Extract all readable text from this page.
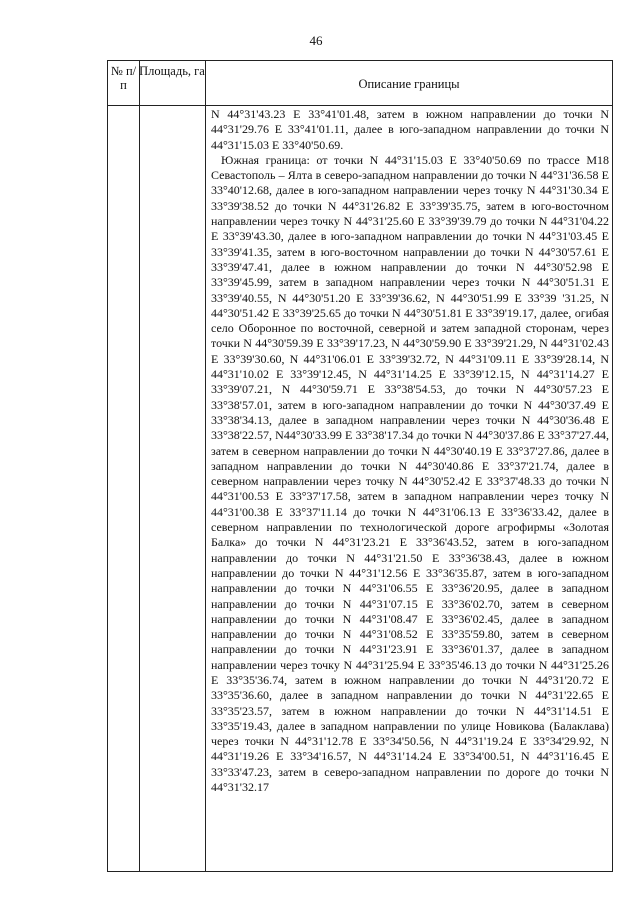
46
№ п/п
Площадь, га
Описание границы

N 44°31'43.23 E 33°41'01.48, затем в южном направлении до точки N 44°31'29.76 E 33°41'01.11, далее в юго-западном направлении до точки N 44°31'15.03 E 33°40'50.69.

Южная граница: от точки N 44°31'15.03 E 33°40'50.69 по трассе М18 Севастополь – Ялта в северо-западном направлении до точки N 44°31'36.58 E 33°40'12.68, далее в юго-западном направлении через точку N 44°31'30.34 E 33°39'38.52 до точки N 44°31'26.82 E 33°39'35.75, затем в юго-восточном направлении через точку N 44°31'25.60 E 33°39'39.79 до точки N 44°31'04.22 E 33°39'43.30, далее в юго-западном направлении до точки N 44°31'03.45 E 33°39'41.35, затем в юго-восточном направлении до точки N 44°30'57.61 E 33°39'47.41, далее в южном направлении до точки N 44°30'52.98 E 33°39'45.99, затем в западном направлении через точки N 44°30'51.31 E 33°39'40.55, N 44°30'51.20 E 33°39'36.62, N 44°30'51.99 E 33°39 '31.25, N 44°30'51.42 E 33°39'25.65 до точки N 44°30'51.81 E 33°39'19.17, далее, огибая село Оборонное по восточной, северной и затем западной сторонам, через точки N 44°30'59.39 E 33°39'17.23, N 44°30'59.90 E 33°39'21.29, N 44°31'02.43 E 33°39'30.60, N 44°31'06.01 E 33°39'32.72, N 44°31'09.11 E 33°39'28.14, N 44°31'10.02 E 33°39'12.45, N 44°31'14.25 E 33°39'12.15, N 44°31'14.27 E 33°39'07.21, N 44°30'59.71 E 33°38'54.53, до точки N 44°30'57.23 E 33°38'57.01, затем в юго-западном направлении до точки N 44°30'37.49 E 33°38'34.13, далее в западном направлении через точки N 44°30'36.48 E 33°38'22.57, N44°30'33.99 E 33°38'17.34 до точки N 44°30'37.86 E 33°37'27.44, затем в северном направлении до точки N 44°30'40.19 E 33°37'27.86, далее в западном направлении до точки N 44°30'40.86 E 33°37'21.74, далее в северном направлении через точку N 44°30'52.42 E 33°37'48.33 до точки N 44°31'00.53 E 33°37'17.58, затем в западном направлении через точку N 44°31'00.38 E 33°37'11.14 до точки N 44°31'06.13 E 33°36'33.42, далее в северном направлении по технологической дороге агрофирмы «Золотая Балка» до точки N 44°31'23.21 E 33°36'43.52, затем в юго-западном направлении до точки N 44°31'21.50 E 33°36'38.43, далее в южном направлении до точки N 44°31'12.56 E 33°36'35.87, затем в юго-западном направлении до точки N 44°31'06.55 E 33°36'20.95, далее в западном направлении до точки N 44°31'07.15 E 33°36'02.70, затем в северном направлении до точки N 44°31'08.47 E 33°36'02.45, далее в западном направлении до точки N 44°31'08.52 E 33°35'59.80, затем в северном направлении до точки N 44°31'23.91 E 33°36'01.37, далее в западном направлении через точку N 44°31'25.94 E 33°35'46.13 до точки N 44°31'25.26 E 33°35'36.74, затем в южном направлении до точки N 44°31'20.72 E 33°35'36.60, далее в западном направлении до точки N 44°31'22.65 E 33°35'23.57, затем в южном направлении до точки N 44°31'14.51 E 33°35'19.43, далее в западном направлении по улице Новикова (Балаклава) через точки N 44°31'12.78 E 33°34'50.56, N 44°31'19.24 E 33°34'29.92, N 44°31'19.26 E 33°34'16.57, N 44°31'14.24 E 33°34'00.51, N 44°31'16.45 E 33°33'47.23, затем в северо-западном направлении по дороге до точки N 44°31'32.17
